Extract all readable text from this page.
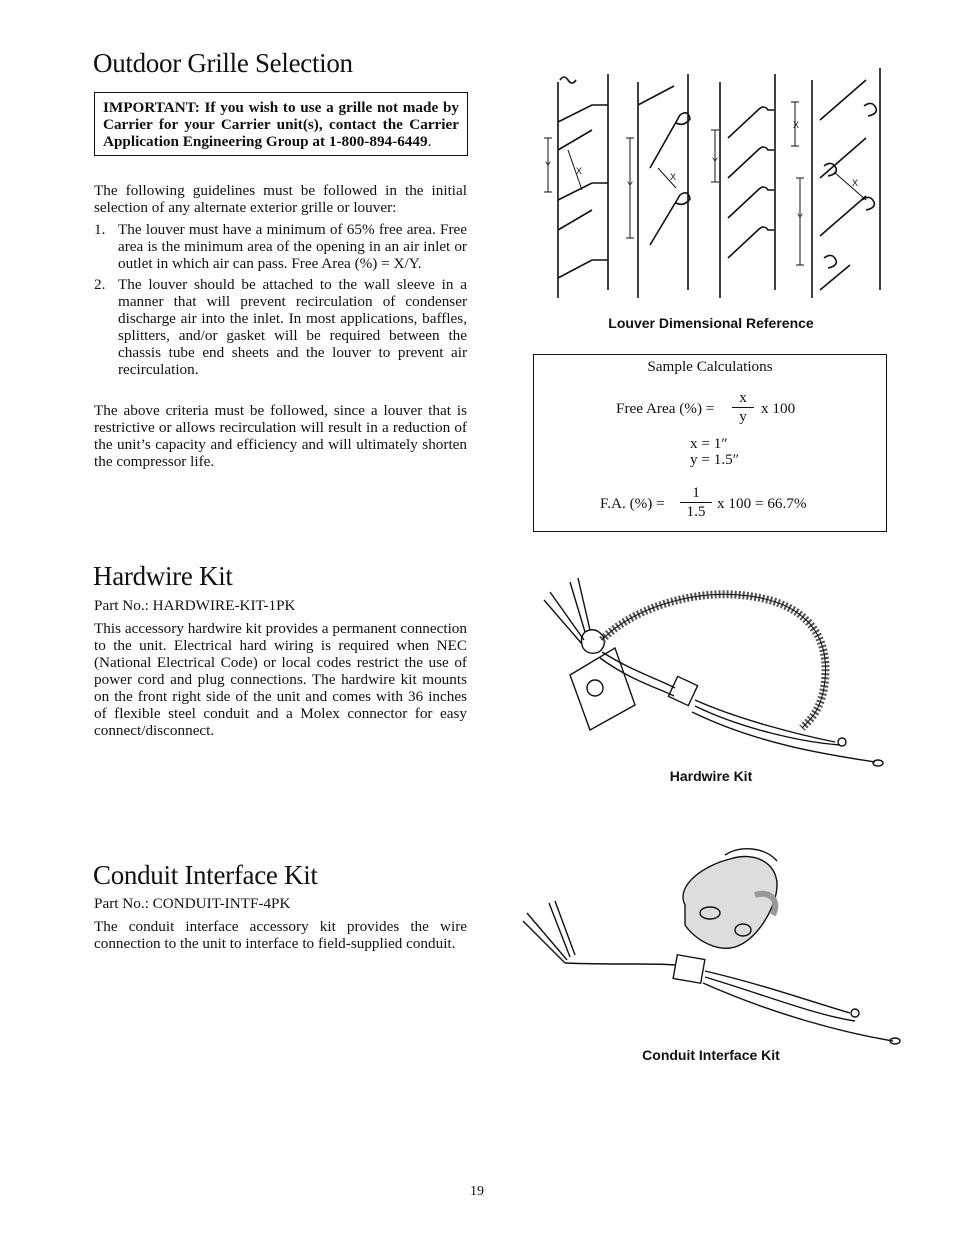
Outdoor Grille Selection
IMPORTANT: If you wish to use a grille not made by Carrier for your Carrier unit(s), contact the Carrier Application Engineering Group at 1-800-894-6449.

The following guidelines must be followed in the initial selection of any alternate exterior grille or louver:

1. The louver must have a minimum of 65% free area. Free area is the minimum area of the opening in an air inlet or outlet in which air can pass. Free Area (%) = X/Y.
2. The louver should be attached to the wall sleeve in a manner that will prevent recirculation of condenser discharge air into the inlet. In most applications, baffles, splitters, and/or gasket will be required between the chassis tube end sheets and the louver to prevent air recirculation.

The above criteria must be followed, since a louver that is restrictive or allows recirculation will result in a reduction of the unit’s capacity and efficiency and will ultimately shorten the compressor life.

Y
X
Y
X
Y
X
X
Y
Louver Dimensional Reference
Sample Calculations
Free Area (%) = $\frac{x}{y}$ x 100
x = 1″
y = 1.5″
F.A. (%) = $\frac{1}{1.5}$ x 100 = 66.7%
Hardwire Kit

Part No.: HARDWIRE-KIT-1PK

This accessory hardwire kit provides a permanent connection to the unit. Electrical hard wiring is required when NEC (National Electrical Code) or local codes restrict the use of power cord and plug connections. The hardwire kit mounts on the front right side of the unit and comes with 36 inches of flexible steel conduit and a Molex connector for easy connect/disconnect.

Hardwire Kit
Conduit Interface Kit

Part No.: CONDUIT-INTF-4PK

The conduit interface accessory kit provides the wire connection to the unit to interface to field-supplied conduit.

Conduit Interface Kit
19
